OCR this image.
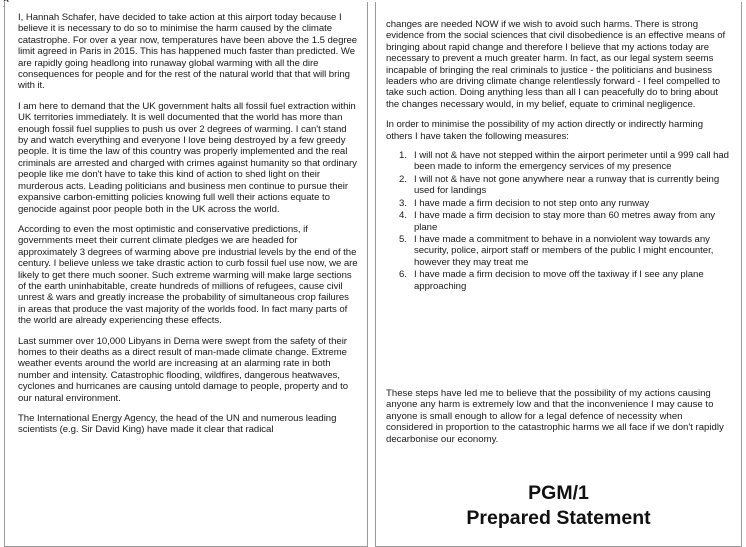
I, Hannah Schafer, have decided to take action at this airport today because I believe it is necessary to do so to minimise the harm caused by the climate catastrophe. For over a year now, temperatures have been above the 1.5 degree limit agreed in Paris in 2015. This has happened much faster than predicted. We are rapidly going headlong into runaway global warming with all the dire consequences for people and for the rest of the natural world that that will bring with it.

I am here to demand that the UK government halts all fossil fuel extraction within UK territories immediately. It is well documented that the world has more than enough fossil fuel supplies to push us over 2 degrees of warming. I can't stand by and watch everything and everyone I love being destroyed by a few greedy people. It is time the law of this country was properly implemented and the real criminals are arrested and charged with crimes against humanity so that ordinary people like me don't have to take this kind of action to shed light on their murderous acts. Leading politicians and business men continue to pursue their expansive carbon-emitting policies knowing full well their actions equate to genocide against poor people both in the UK across the world.

According to even the most optimistic and conservative predictions, if governments meet their current climate pledges we are headed for approximately 3 degrees of warming above pre industrial levels by the end of the century. I believe unless we take drastic action to curb fossil fuel use now, we are likely to get there much sooner. Such extreme warming will make large sections of the earth uninhabitable, create hundreds of millions of refugees, cause civil unrest & wars and greatly increase the probability of simultaneous crop failures in areas that produce the vast majority of the worlds food. In fact many parts of the world are already experiencing these effects.

Last summer over 10,000 Libyans in Derna were swept from the safety of their homes to their deaths as a direct result of man-made climate change. Extreme weather events around the world are increasing at an alarming rate in both number and intensity. Catastrophic flooding, wildfires, dangerous heatwaves, cyclones and hurricanes are causing untold damage to people, property and to our natural environment.

The International Energy Agency, the head of the UN and numerous leading scientists (e.g. Sir David King) have made it clear that radical

changes are needed NOW if we wish to avoid such harms. There is strong evidence from the social sciences that civil disobedience is an effective means of bringing about rapid change and therefore I believe that my actions today are necessary to prevent a much greater harm. In fact, as our legal system seems incapable of bringing the real criminals to justice - the politicians and business leaders who are driving climate change relentlessly forward - I feel compelled to take such action. Doing anything less than all I can peacefully do to bring about the changes necessary would, in my belief, equate to criminal negligence.

In order to minimise the possibility of my action directly or indirectly harming others I have taken the following measures:

1. I will not & have not stepped within the airport perimeter until a 999 call had been made to inform the emergency services of my presence
2. I will not & have not gone anywhere near a runway that is currently being used for landings
3. I have made a firm decision to not step onto any runway
4. I have made a firm decision to stay more than 60 metres away from any plane
5. I have made a commitment to behave in a nonviolent way towards any security, police, airport staff or members of the public I might encounter, however they may treat me
6. I have made a firm decision to move off the taxiway if I see any plane approaching
These steps have led me to believe that the possibility of my actions causing anyone any harm is extremely low and that the inconvenience I may cause to anyone is small enough to allow for a legal defence of necessity when considered in proportion to the catastrophic harms we all face if we don't rapidly decarbonise our economy.
PGM/1
Prepared Statement
